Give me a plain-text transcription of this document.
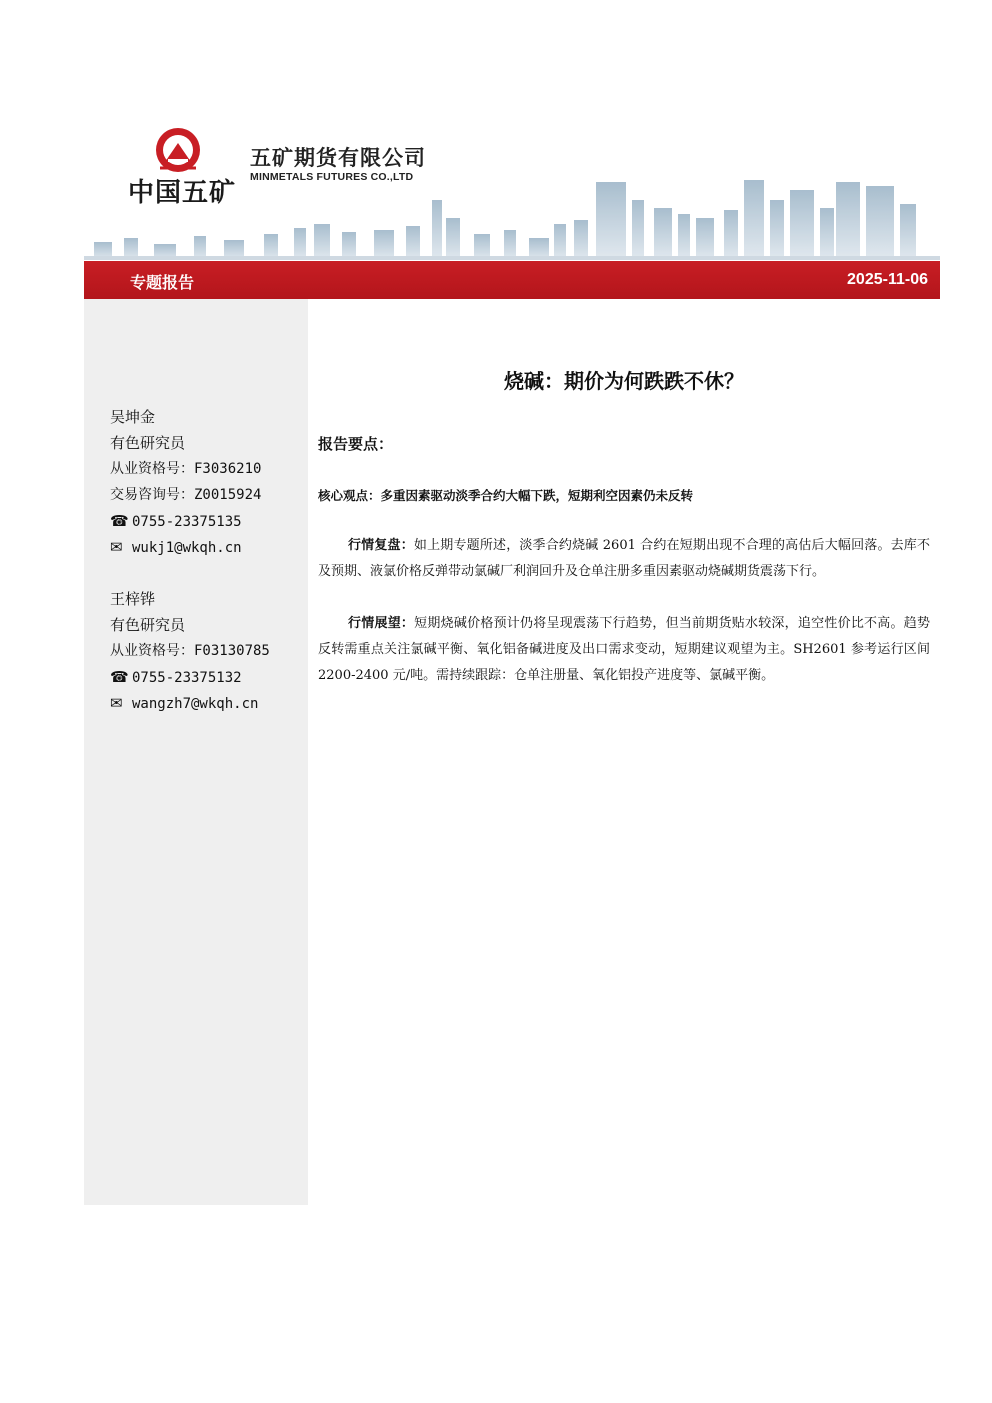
中国五矿
五矿期货有限公司
MINMETALS FUTURES CO.,LTD
专题报告	2025-11-06
吴坤金
有色研究员
从业资格号：F3036210
交易咨询号：Z0015924
☎ 0755-23375135
✉ wukj1@wkqh.cn
王梓铧
有色研究员
从业资格号：F03130785
☎ 0755-23375132
✉ wangzh7@wkqh.cn
烧碱：期价为何跌跌不休？
报告要点：
核心观点：多重因素驱动淡季合约大幅下跌，短期利空因素仍未反转
行情复盘：如上期专题所述，淡季合约烧碱 2601 合约在短期出现不合理的高估后大幅回落。去库不及预期、液氯价格反弹带动氯碱厂利润回升及仓单注册多重因素驱动烧碱期货震荡下行。
行情展望：短期烧碱价格预计仍将呈现震荡下行趋势，但当前期货贴水较深，追空性价比不高。趋势反转需重点关注氯碱平衡、氧化铝备碱进度及出口需求变动，短期建议观望为主。SH2601 参考运行区间 2200-2400 元/吨。需持续跟踪：仓单注册量、氧化铝投产进度等、氯碱平衡。
